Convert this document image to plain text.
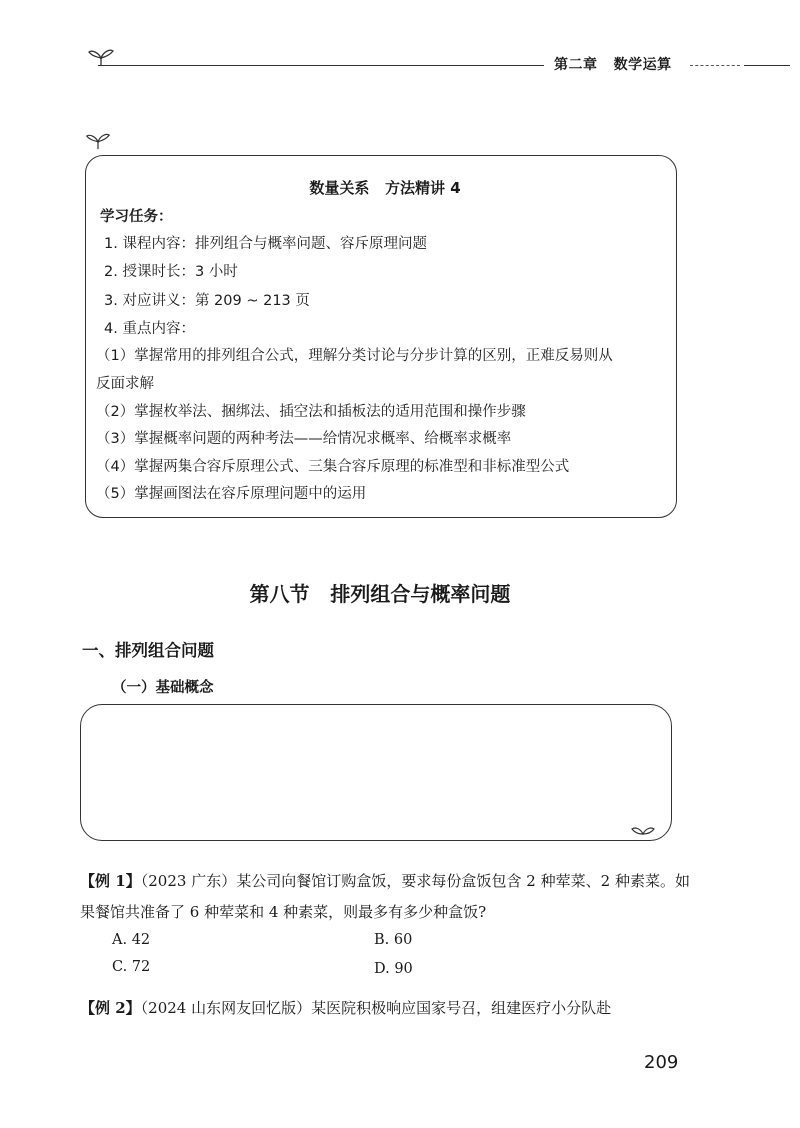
第二章   数学运算
数量关系   方法精讲 4
学习任务：
1. 课程内容：排列组合与概率问题、容斥原理问题
2. 授课时长：3 小时
3. 对应讲义：第 209 ~ 213 页
4. 重点内容：
（1）掌握常用的排列组合公式，理解分类讨论与分步计算的区别，正难反易则从
反面求解
（2）掌握枚举法、捆绑法、插空法和插板法的适用范围和操作步骤
（3）掌握概率问题的两种考法——给情况求概率、给概率求概率
（4）掌握两集合容斥原理公式、三集合容斥原理的标准型和非标准型公式
（5）掌握画图法在容斥原理问题中的运用
第八节   排列组合与概率问题
一、排列组合问题
（一）基础概念
【例 1】（2023 广东）某公司向餐馆订购盒饭，要求每份盒饭包含 2 种荤菜、2 种素菜。如果餐馆共准备了 6 种荤菜和 4 种素菜，则最多有多少种盒饭?
A. 42	B. 60
C. 72	D. 90
【例 2】（2024 山东网友回忆版）某医院积极响应国家号召，组建医疗小分队赴
209
